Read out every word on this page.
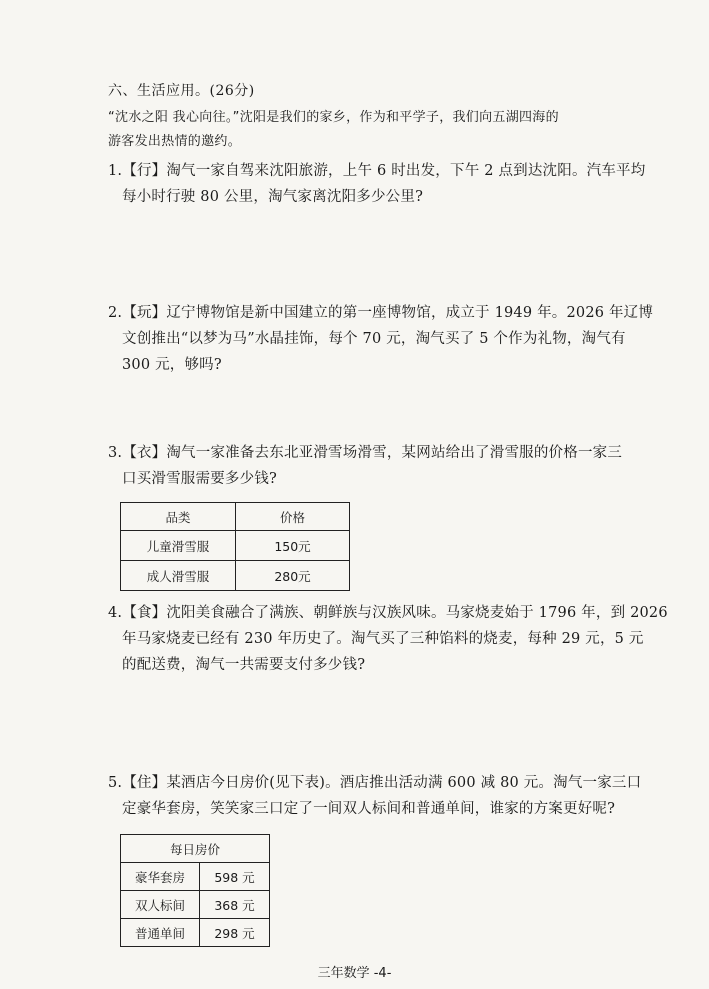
六、生活应用。(26分)
“沈水之阳 我心向往。”沈阳是我们的家乡，作为和平学子，我们向五湖四海的
游客发出热情的邀约。
1.【行】淘气一家自驾来沈阳旅游，上午 6 时出发，下午 2 点到达沈阳。汽车平均
每小时行驶 80 公里，淘气家离沈阳多少公里?
2.【玩】辽宁博物馆是新中国建立的第一座博物馆，成立于 1949 年。2026 年辽博
文创推出“以梦为马”水晶挂饰，每个 70 元，淘气买了 5 个作为礼物，淘气有
300 元，够吗?
3.【衣】淘气一家准备去东北亚滑雪场滑雪，某网站给出了滑雪服的价格一家三
口买滑雪服需要多少钱?
品类	价格
儿童滑雪服	150元
成人滑雪服	280元
4.【食】沈阳美食融合了满族、朝鲜族与汉族风味。马家烧麦始于 1796 年，到 2026
年马家烧麦已经有 230 年历史了。淘气买了三种馅料的烧麦，每种 29 元，5 元
的配送费，淘气一共需要支付多少钱?
5.【住】某酒店今日房价(见下表)。酒店推出活动满 600 减 80 元。淘气一家三口
定豪华套房，笑笑家三口定了一间双人标间和普通单间，谁家的方案更好呢?
每日房价	
豪华套房	598 元
双人标间	368 元
普通单间	298 元
三年数学 -4-
